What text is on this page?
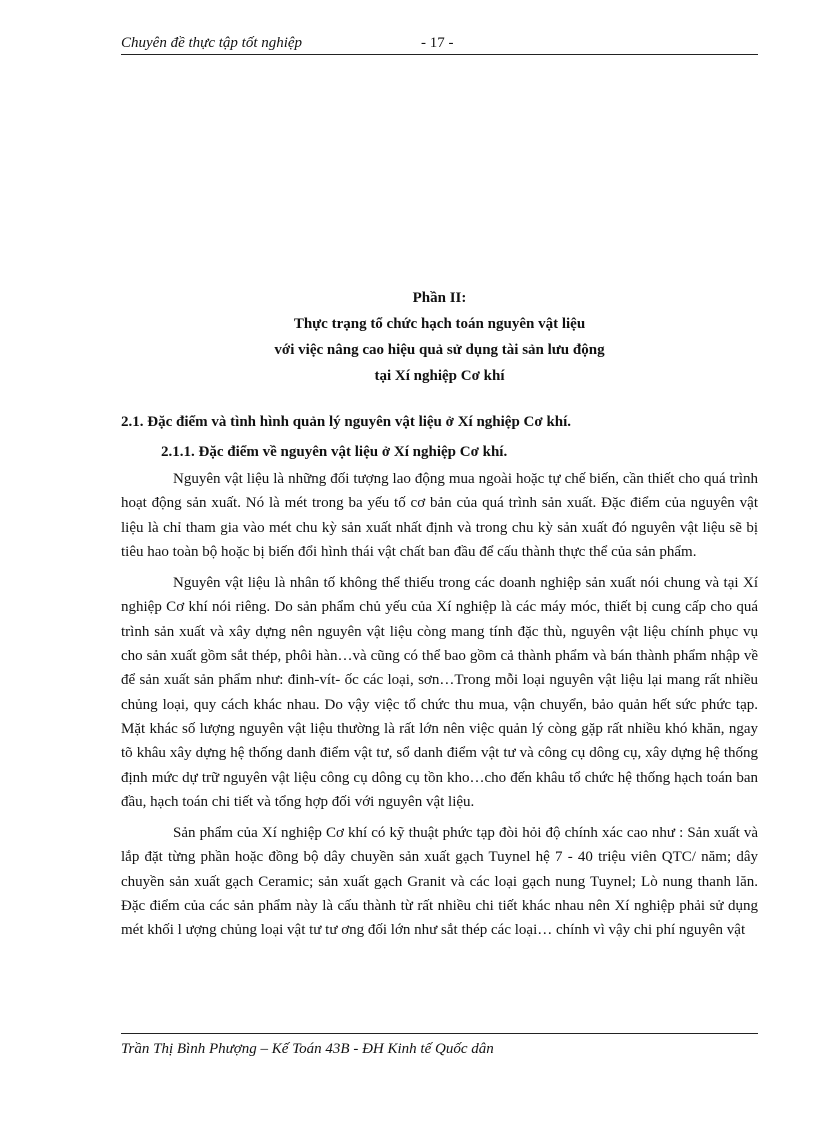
Chuyên đề thực tập tốt nghiệp	- 17 -
Phần II:
Thực trạng tổ chức hạch toán nguyên vật liệu
với việc nâng cao hiệu quả sử dụng tài sản lưu động
tại Xí nghiệp Cơ khí
2.1. Đặc điểm và tình hình quản lý nguyên vật liệu ở Xí nghiệp Cơ khí.
2.1.1. Đặc điểm về nguyên vật liệu ở Xí nghiệp Cơ khí.

Nguyên vật liệu là những đối tượng lao động mua ngoài hoặc tự chế biến, cần thiết cho quá trình hoạt động sản xuất. Nó là mét trong ba yếu tố cơ bản của quá trình sản xuất. Đặc điểm của nguyên vật liệu là chỉ tham gia vào mét chu kỳ sản xuất nhất định và trong chu kỳ sản xuất đó nguyên vật liệu sẽ bị tiêu hao toàn bộ hoặc bị biến đổi hình thái vật chất ban đầu để cấu thành thực thể của sản phẩm.

Nguyên vật liệu là nhân tố không thể thiếu trong các doanh nghiệp sản xuất nói chung và tại Xí nghiệp Cơ khí nói riêng. Do sản phẩm chủ yếu của Xí nghiệp là các máy móc, thiết bị cung cấp cho quá trình sản xuất và xây dựng nên nguyên vật liệu còng mang tính đặc thù, nguyên vật liệu chính phục vụ cho sản xuất gồm sắt thép, phôi hàn…và cũng có thể bao gồm cả thành phẩm và bán thành phẩm nhập về để sản xuất sản phẩm như: đinh-vít- ốc các loại, sơn…Trong mỗi loại nguyên vật liệu lại mang rất nhiều chủng loại, quy cách khác nhau. Do vậy việc tổ chức thu mua, vận chuyển, bảo quản hết sức phức tạp. Mặt khác số lượng nguyên vật liệu thường là rất lớn nên việc quản lý còng gặp rất nhiều khó khăn, ngay tõ khâu xây dựng hệ thống danh điểm vật tư, sổ danh điểm vật tư và công cụ dông cụ, xây dựng hệ thống định mức dự trữ nguyên vật liệu công cụ dông cụ tồn kho…cho đến khâu tổ chức hệ thống hạch toán ban đầu, hạch toán chi tiết và tổng hợp đối với nguyên vật liệu.

Sản phẩm của Xí nghiệp Cơ khí có kỹ thuật phức tạp đòi hỏi độ chính xác cao như : Sản xuất và lắp đặt từng phần hoặc đồng bộ dây chuyền sản xuất gạch Tuynel hệ 7 - 40 triệu viên QTC/ năm; dây chuyền sản xuất gạch Ceramic; sản xuất gạch Granit và các loại gạch nung Tuynel; Lò nung thanh lăn. Đặc điểm của các sản phẩm này là cấu thành từ rất nhiều chi tiết khác nhau nên Xí nghiệp phải sử dụng mét khối l ượng chủng loại vật tư tư ơng đối lớn như sắt thép các loại… chính vì vậy chi phí nguyên vật

Trần Thị Bình Phượng – Kế Toán 43B - ĐH Kinh tế Quốc dân
